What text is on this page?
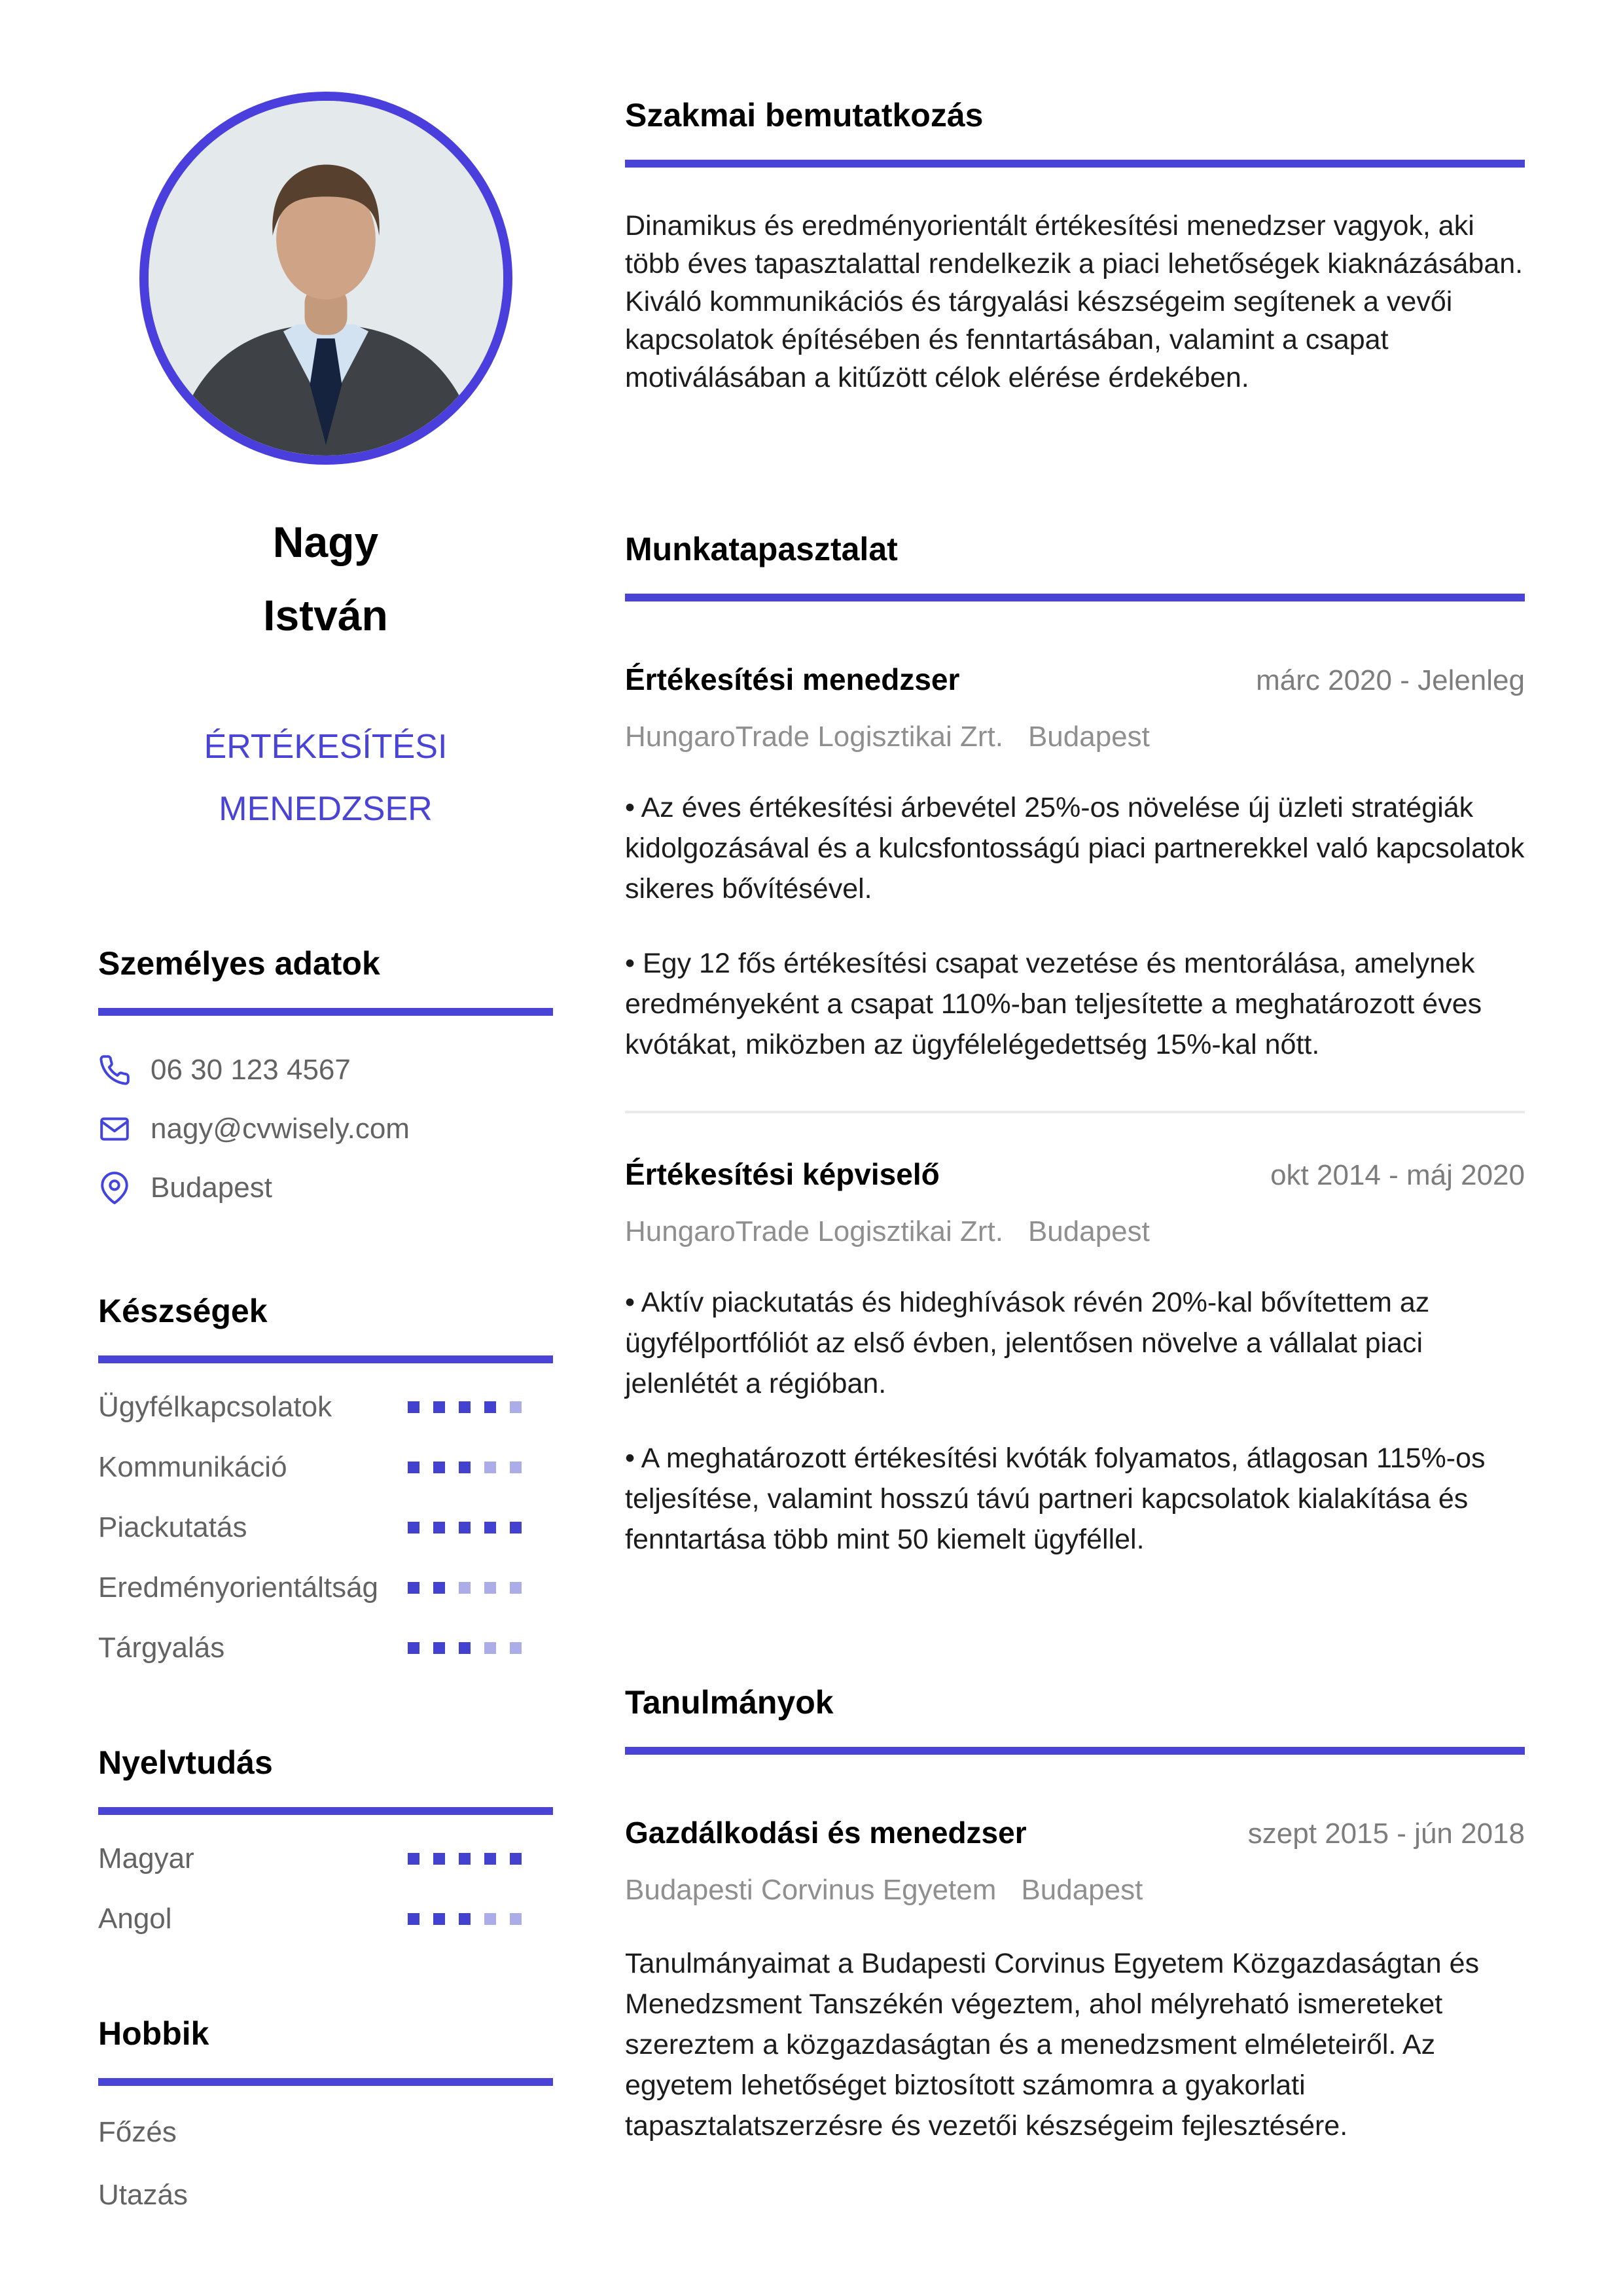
Nagy
István
ÉRTÉKESÍTÉSI
MENEDZSER
Személyes adatok
06 30 123 4567
nagy@cvwisely.com
Budapest
Készségek
Ügyfélkapcsolatok
Kommunikáció
Piackutatás
Eredményorientáltság
Tárgyalás
Nyelvtudás
Magyar
Angol
Hobbik
Főzés
Utazás
Szakmai bemutatkozás

Dinamikus és eredményorientált értékesítési menedzser vagyok, aki több éves tapasztalattal rendelkezik a piaci lehetőségek kiaknázásában. Kiváló kommunikációs és tárgyalási készségeim segítenek a vevői kapcsolatok építésében és fenntartásában, valamint a csapat motiválásában a kitűzött célok elérése érdekében.

Munkatapasztalat
Értékesítési menedzser	márc 2020 - Jelenleg
HungaroTrade Logisztikai Zrt. Budapest

• Az éves értékesítési árbevétel 25%-os növelése új üzleti stratégiák kidolgozásával és a kulcsfontosságú piaci partnerekkel való kapcsolatok sikeres bővítésével.

• Egy 12 fős értékesítési csapat vezetése és mentorálása, amelynek eredményeként a csapat 110%-ban teljesítette a meghatározott éves kvótákat, miközben az ügyfélelégedettség 15%-kal nőtt.

Értékesítési képviselő	okt 2014 - máj 2020
HungaroTrade Logisztikai Zrt. Budapest

• Aktív piackutatás és hideghívások révén 20%-kal bővítettem az ügyfélportfóliót az első évben, jelentősen növelve a vállalat piaci jelenlétét a régióban.

• A meghatározott értékesítési kvóták folyamatos, átlagosan 115%-os teljesítése, valamint hosszú távú partneri kapcsolatok kialakítása és fenntartása több mint 50 kiemelt ügyféllel.

Tanulmányok
Gazdálkodási és menedzser	szept 2015 - jún 2018
Budapesti Corvinus Egyetem Budapest

Tanulmányaimat a Budapesti Corvinus Egyetem Közgazdaságtan és Menedzsment Tanszékén végeztem, ahol mélyreható ismereteket szereztem a közgazdaságtan és a menedzsment elméleteiről. Az egyetem lehetőséget biztosított számomra a gyakorlati tapasztalatszerzésre és vezetői készségeim fejlesztésére.
